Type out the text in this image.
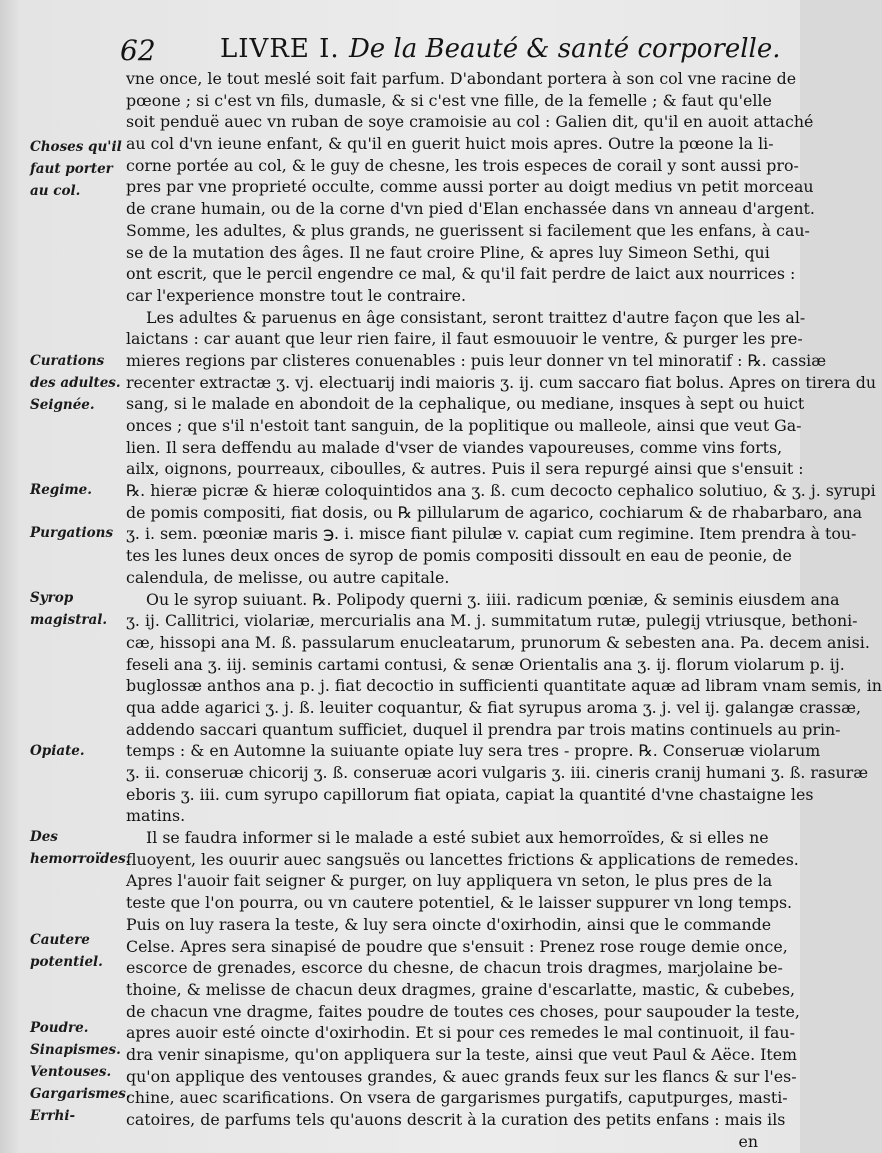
62 LIVRE I. De la Beauté & santé corporelle.
Choses qu'il faut porter au col.
Curations des adultes. Seignée.
Regime.
Purgations
Syrop magistral.
Opiate.
Des hemorroïdes.
Cautere potentiel.
Poudre. Sinapismes. Ventouses. Gargarismes. Errhi-
vne once, le tout meslé soit fait parfum. D'abondant portera à son col vne racine de
pœone ; si c'est vn fils, dumasle, & si c'est vne fille, de la femelle ; & faut qu'elle
soit penduë auec vn ruban de soye cramoisie au col : Galien dit, qu'il en auoit attaché
au col d'vn ieune enfant, & qu'il en guerit huict mois apres. Outre la pœone la li-
corne portée au col, & le guy de chesne, les trois especes de corail y sont aussi pro-
pres par vne proprieté occulte, comme aussi porter au doigt medius vn petit morceau
de crane humain, ou de la corne d'vn pied d'Elan enchassée dans vn anneau d'argent.
Somme, les adultes, & plus grands, ne guerissent si facilement que les enfans, à cau-
se de la mutation des âges. Il ne faut croire Pline, & apres luy Simeon Sethi, qui
ont escrit, que le percil engendre ce mal, & qu'il fait perdre de laict aux nourrices :
car l'experience monstre tout le contraire.
Les adultes & paruenus en âge consistant, seront traittez d'autre façon que les al-
laictans : car auant que leur rien faire, il faut esmouuoir le ventre, & purger les pre-
mieres regions par clisteres conuenables : puis leur donner vn tel minoratif : ℞. cassiæ
recenter extractæ ʒ. vj. electuarij indi maioris ʒ. ij. cum saccaro fiat bolus. Apres on tirera du
sang, si le malade en abondoit de la cephalique, ou mediane, insques à sept ou huict
onces ; que s'il n'estoit tant sanguin, de la poplitique ou malleole, ainsi que veut Ga-
lien. Il sera deffendu au malade d'vser de viandes vapoureuses, comme vins forts,
ailx, oignons, pourreaux, ciboulles, & autres. Puis il sera repurgé ainsi que s'ensuit :
℞. hieræ picræ & hieræ coloquintidos ana ʒ. ß. cum decocto cephalico solutiuo, & ʒ. j. syrupi
de pomis compositi, fiat dosis, ou ℞ pillularum de agarico, cochiarum & de rhabarbaro, ana
ʒ. i. sem. pœoniæ maris ℈. i. misce fiant pilulæ v. capiat cum regimine. Item prendra à tou-
tes les lunes deux onces de syrop de pomis compositi dissoult en eau de peonie, de
calendula, de melisse, ou autre capitale.
Ou le syrop suiuant. ℞. Polipody querni ʒ. iiii. radicum pœniæ, & seminis eiusdem ana
ʒ. ij. Callitrici, violariæ, mercurialis ana M. j. summitatum rutæ, pulegij vtriusque, bethoni-
cæ, hissopi ana M. ß. passularum enucleatarum, prunorum & sebesten ana. Pa. decem anisi.
feseli ana ʒ. iij. seminis cartami contusi, & senæ Orientalis ana ʒ. ij. florum violarum p. ij.
buglossæ anthos ana p. j. fiat decoctio in sufficienti quantitate aquæ ad libram vnam semis, in
qua adde agarici ʒ. j. ß. leuiter coquantur, & fiat syrupus aroma ʒ. j. vel ij. galangæ crassæ,
addendo saccari quantum sufficiet, duquel il prendra par trois matins continuels au prin-
temps : & en Automne la suiuante opiate luy sera tres - propre. ℞. Conseruæ violarum
ʒ. ii. conseruæ chicorij ʒ. ß. conseruæ acori vulgaris ʒ. iii. cineris cranij humani ʒ. ß. rasuræ
eboris ʒ. iii. cum syrupo capillorum fiat opiata, capiat la quantité d'vne chastaigne les
matins.
Il se faudra informer si le malade a esté subiet aux hemorroïdes, & si elles ne
fluoyent, les ouurir auec sangsuës ou lancettes frictions & applications de remedes.
Apres l'auoir fait seigner & purger, on luy appliquera vn seton, le plus pres de la
teste que l'on pourra, ou vn cautere potentiel, & le laisser suppurer vn long temps.
Puis on luy rasera la teste, & luy sera oincte d'oxirhodin, ainsi que le commande
Celse. Apres sera sinapisé de poudre que s'ensuit : Prenez rose rouge demie once,
escorce de grenades, escorce du chesne, de chacun trois dragmes, marjolaine be-
thoine, & melisse de chacun deux dragmes, graine d'escarlatte, mastic, & cubebes,
de chacun vne dragme, faites poudre de toutes ces choses, pour saupouder la teste,
apres auoir esté oincte d'oxirhodin. Et si pour ces remedes le mal continuoit, il fau-
dra venir sinapisme, qu'on appliquera sur la teste, ainsi que veut Paul & Aëce. Item
qu'on applique des ventouses grandes, & auec grands feux sur les flancs & sur l'es-
chine, auec scarifications. On vsera de gargarismes purgatifs, caputpurges, masti-
catoires, de parfums tels qu'auons descrit à la curation des petits enfans : mais ils
en
